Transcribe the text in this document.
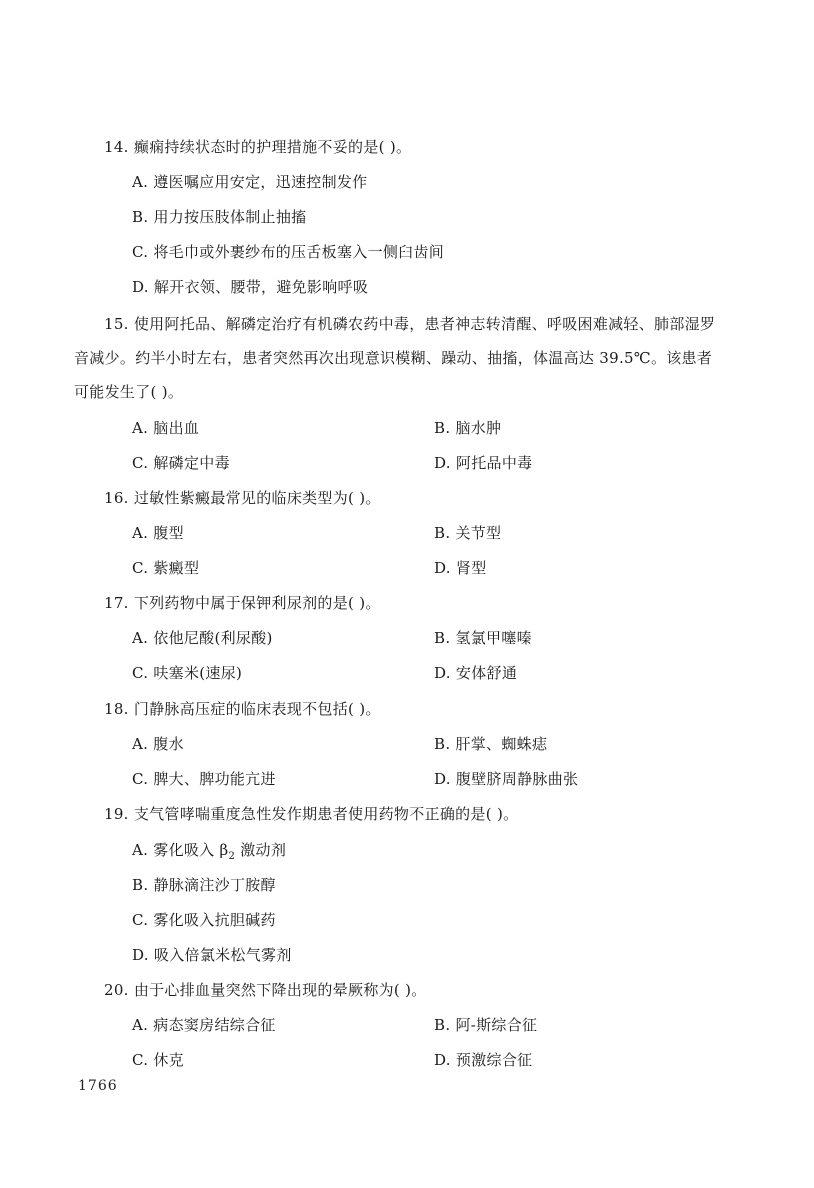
14. 癫痫持续状态时的护理措施不妥的是( )。
A. 遵医嘱应用安定，迅速控制发作
B. 用力按压肢体制止抽搐
C. 将毛巾或外裹纱布的压舌板塞入一侧臼齿间
D. 解开衣领、腰带，避免影响呼吸
15. 使用阿托品、解磷定治疗有机磷农药中毒，患者神志转清醒、呼吸困难减轻、肺部湿罗
音减少。约半小时左右，患者突然再次出现意识模糊、躁动、抽搐，体温高达 39.5℃。该患者
可能发生了( )。
A. 脑出血	B. 脑水肿
C. 解磷定中毒	D. 阿托品中毒
16. 过敏性紫癜最常见的临床类型为( )。
A. 腹型	B. 关节型
C. 紫癜型	D. 肾型
17. 下列药物中属于保钾利尿剂的是( )。
A. 依他尼酸(利尿酸)	B. 氢氯甲噻嗪
C. 呋塞米(速尿)	D. 安体舒通
18. 门静脉高压症的临床表现不包括( )。
A. 腹水	B. 肝掌、蜘蛛痣
C. 脾大、脾功能亢进	D. 腹壁脐周静脉曲张
19. 支气管哮喘重度急性发作期患者使用药物不正确的是( )。
A. 雾化吸入 $\beta_2$ 激动剂
B. 静脉滴注沙丁胺醇
C. 雾化吸入抗胆碱药
D. 吸入倍氯米松气雾剂
20. 由于心排血量突然下降出现的晕厥称为( )。
A. 病态窦房结综合征	B. 阿-斯综合征
C. 休克	D. 预激综合征
1766
